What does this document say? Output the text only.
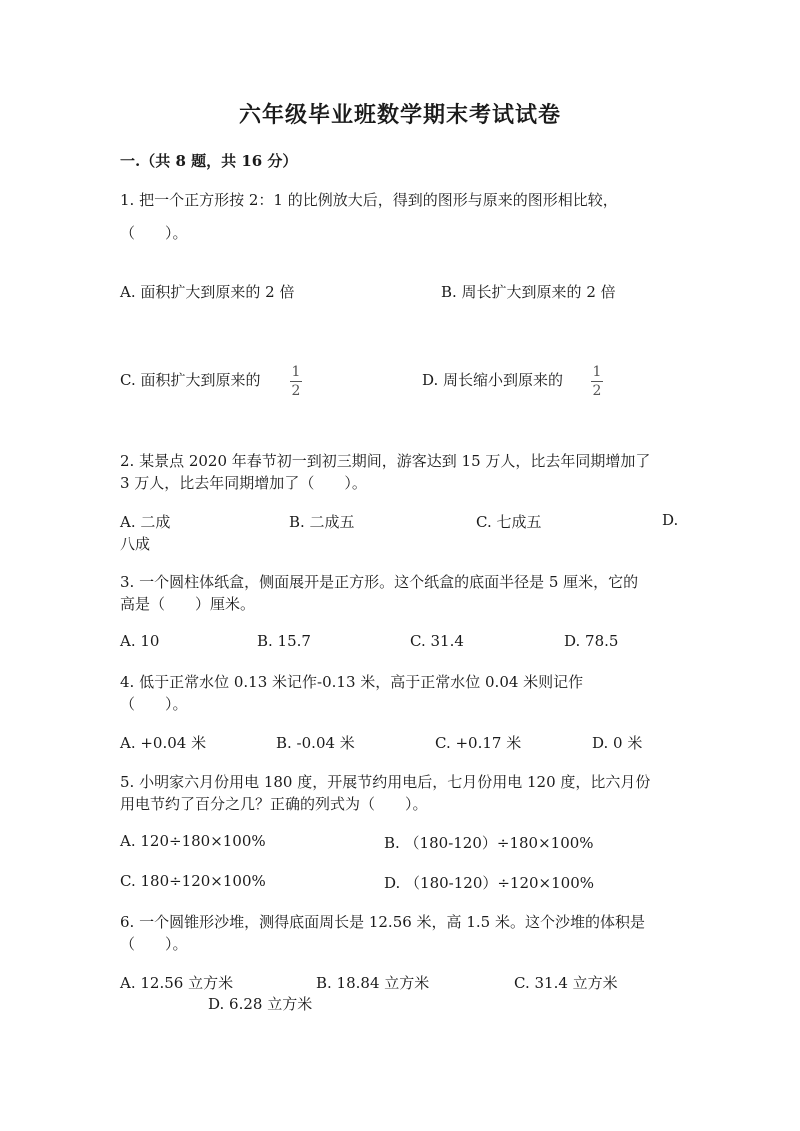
六年级毕业班数学期末考试试卷
一.（共 8 题，共 16 分）
1. 把一个正方形按 2：1 的比例放大后，得到的图形与原来的图形相比较，
（　　）。
A. 面积扩大到原来的 2 倍	B. 周长扩大到原来的 2 倍
C. 面积扩大到原来的 1
2
D. 周长缩小到原来的 1
2
2. 某景点 2020 年春节初一到初三期间，游客达到 15 万人，比去年同期增加了
3 万人，比去年同期增加了（　　）。
A. 二成	B. 二成五	C. 七成五	D.
八成
3. 一个圆柱体纸盒，侧面展开是正方形。这个纸盒的底面半径是 5 厘米，它的
高是（　　）厘米。
A. 10	B. 15.7	C. 31.4	D. 78.5
4. 低于正常水位 0.13 米记作-0.13 米，高于正常水位 0.04 米则记作
（　　）。
A. +0.04 米	B. -0.04 米	C. +0.17 米	D. 0 米
5. 小明家六月份用电 180 度，开展节约用电后，七月份用电 120 度，比六月份
用电节约了百分之几？正确的列式为（　　）。
A. 120÷180×100%	B. （180-120）÷180×100%
C. 180÷120×100%	D. （180-120）÷120×100%
6. 一个圆锥形沙堆，测得底面周长是 12.56 米，高 1.5 米。这个沙堆的体积是
（　　）。
A. 12.56 立方米	B. 18.84 立方米	C. 31.4 立方米
D. 6.28 立方米
